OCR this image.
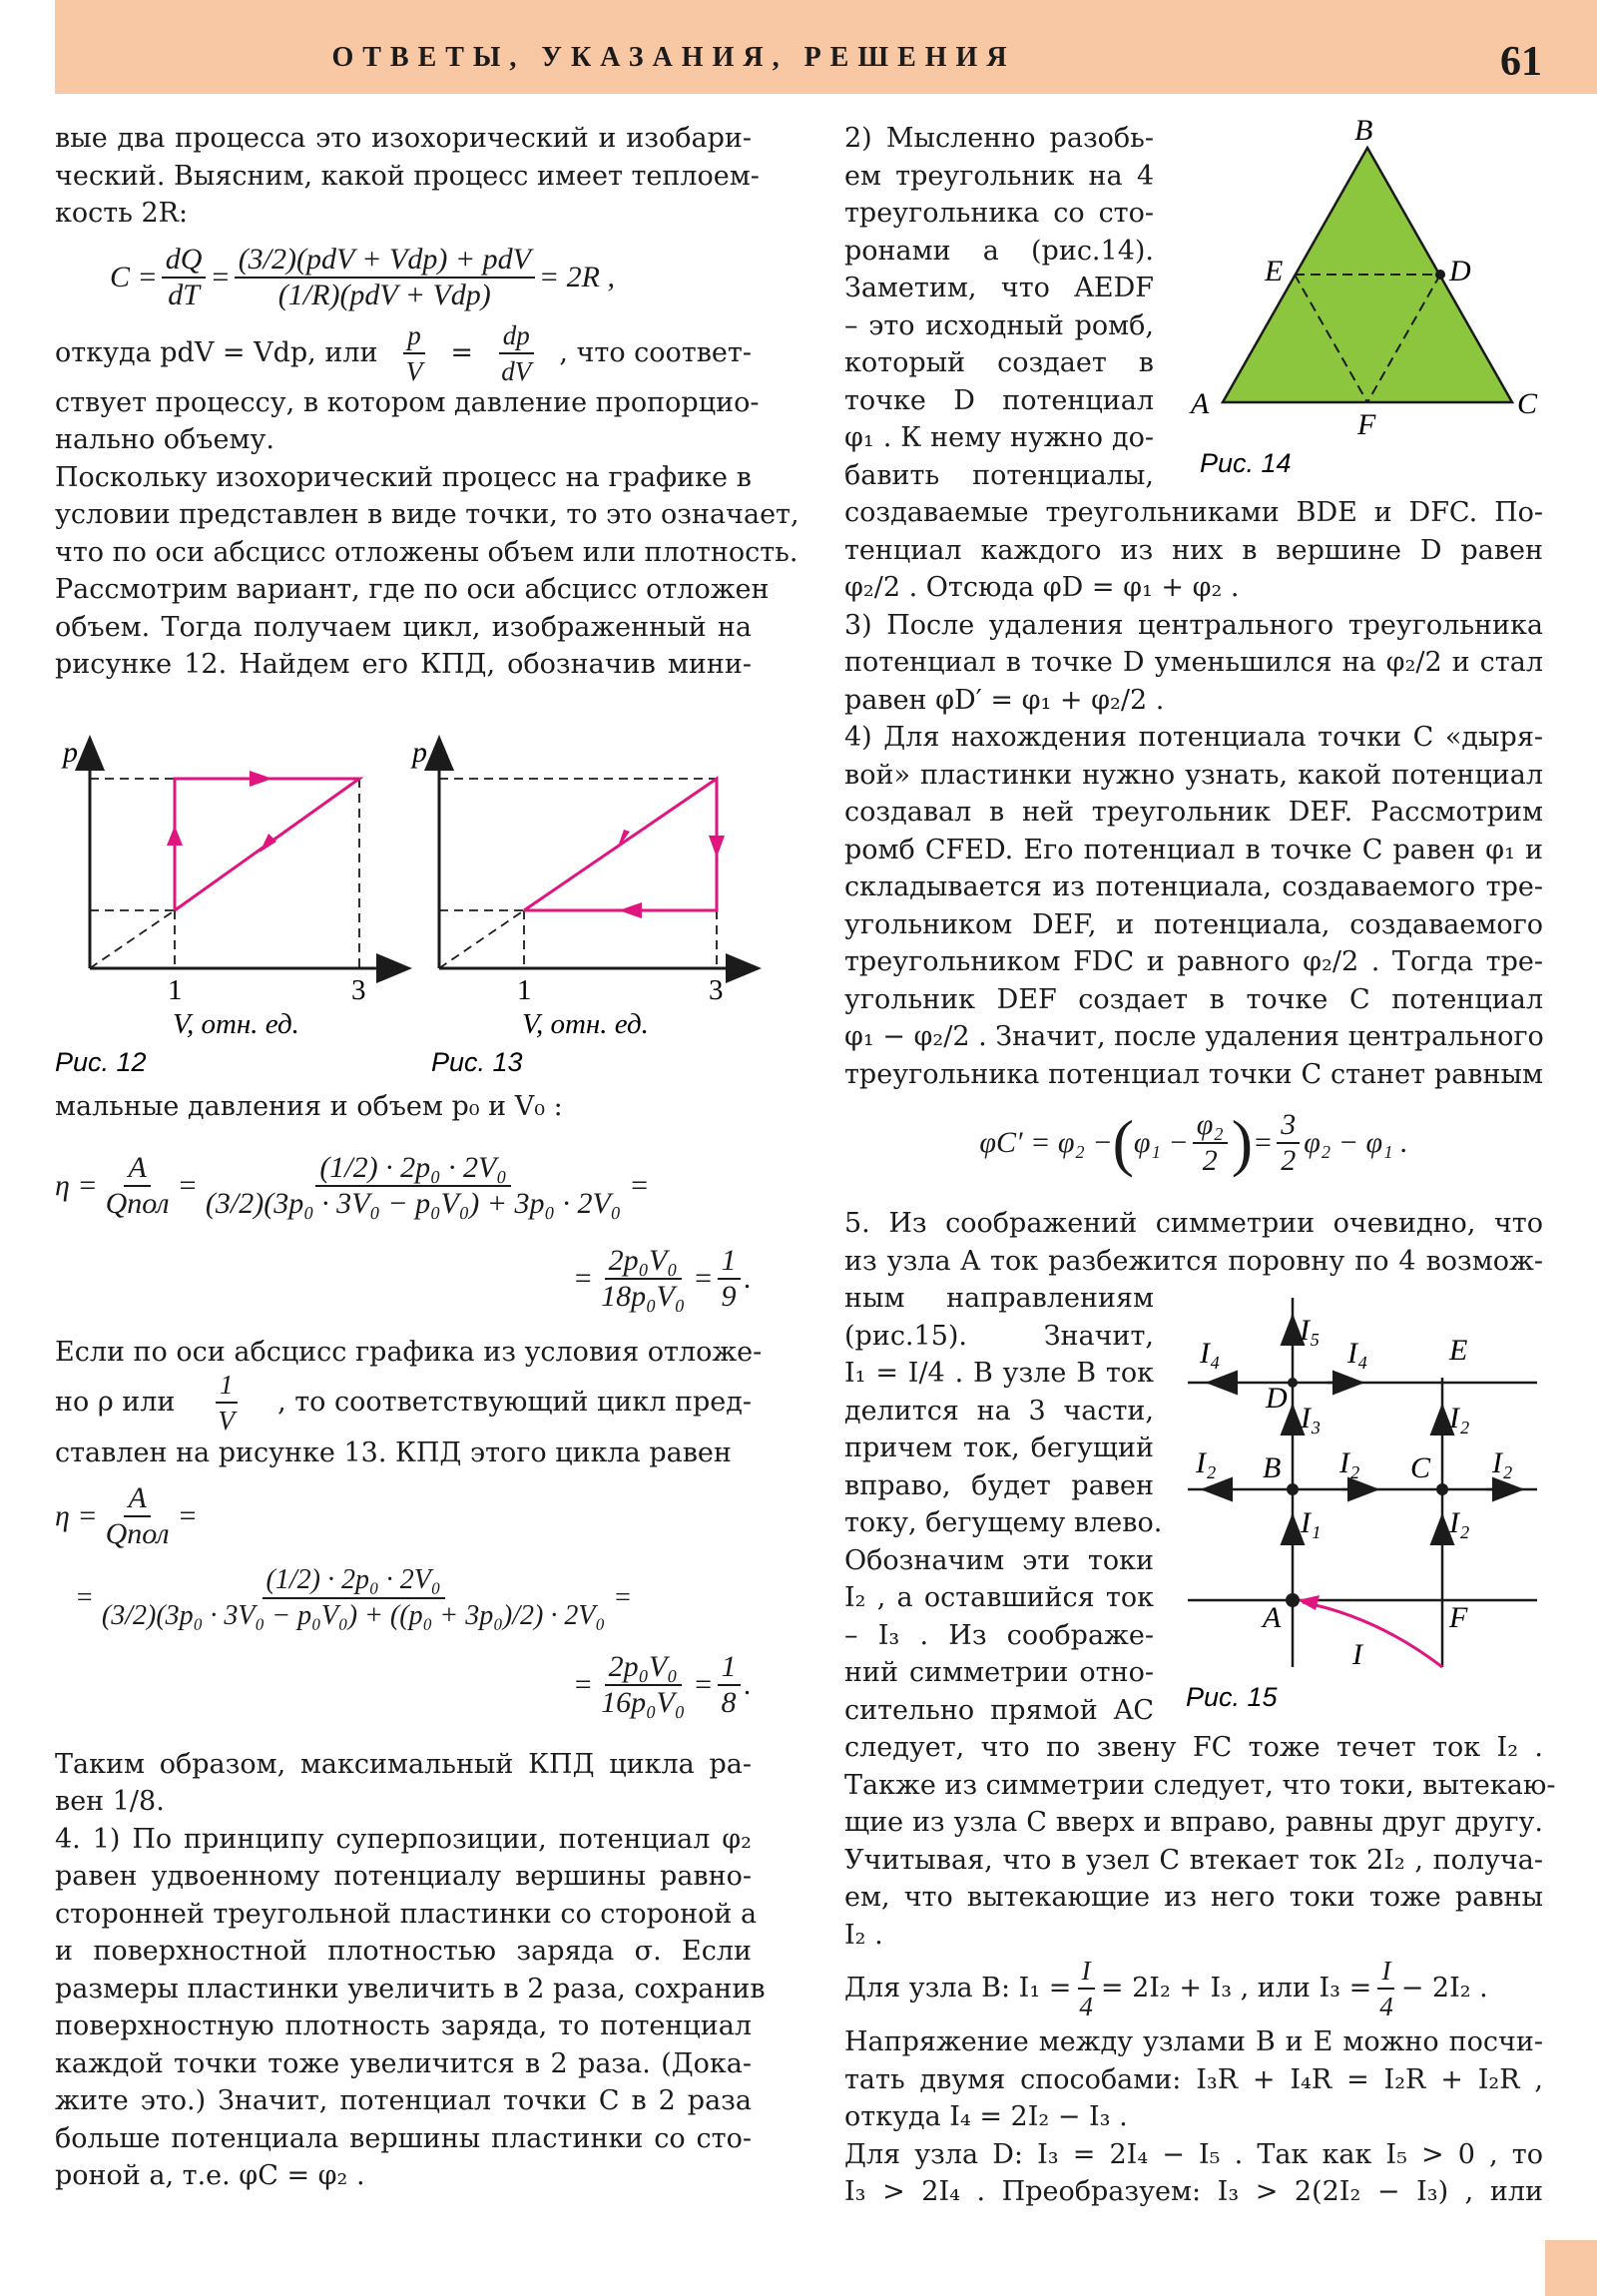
ОТВЕТЫ, УКАЗАНИЯ, РЕШЕНИЯ	61
вые два процесса это изохорический и изобари-
ческий. Выясним, какой процесс имеет теплоем-
кость 2R:
$C = \frac{dQ}{dT} = \frac{\text{(3/2)(pdV + Vdp) + pdV}}{\text{(1/R)(pdV + Vdp)}} = 2R$ ,
откуда pdV = Vdp, или $\frac{p}{V} = \frac{dp}{dV}$ , что соответ-
ствует процессу, в котором давление пропорцио-
нально объему.
Поскольку изохорический процесс на графике в
условии представлен в виде точки, то это означает,
что по оси абсцисс отложены объем или плотность.
Рассмотрим вариант, где по оси абсцисс отложен
объем. Тогда получаем цикл, изображенный на
рисунке 12. Найдем его КПД, обозначив мини-
p
1	3
V, отн. ед.
Рис. 12
p
1	3
V, отн. ед.
Рис. 13
мальные давления и объем p₀ и V₀ :
$\eta = \frac{A}{\text{Qпол}} = \frac{\text{(1/2) · 2p₀ · 2V₀}}{\text{(3/2)(3p₀ · 3V₀ − p₀V₀) + 3p₀ · 2V₀}}$ =
= $\frac{\text{2p₀V₀}}{\text{18p₀V₀}} = \frac{1}{9}$ .
Если по оси абсцисс графика из условия отложе-
но ρ или $\frac{1}{V}$ , то соответствующий цикл пред-
ставлен на рисунке 13. КПД этого цикла равен
$\eta = \frac{A}{\text{Qпол}}$ =
= $\frac{\text{(1/2) · 2p₀ · 2V₀}}{\text{(3/2)(3p₀ · 3V₀ − p₀V₀) + ((p₀ + 3p₀)/2) · 2V₀}}$ =
= $\frac{\text{2p₀V₀}}{\text{16p₀V₀}} = \frac{1}{8}$ .
Таким образом, максимальный КПД цикла ра-
вен 1/8.
4. 1) По принципу суперпозиции, потенциал φ₂
равен удвоенному потенциалу вершины равно-
сторонней треугольной пластинки со стороной a
и поверхностной плотностью заряда σ. Если
размеры пластинки увеличить в 2 раза, сохранив
поверхностную плотность заряда, то потенциал
каждой точки тоже увеличится в 2 раза. (Дока-
жите это.) Значит, потенциал точки C в 2 раза
больше потенциала вершины пластинки со сто-
роной a, т.е. φC = φ₂ .
2) Мысленно разобь-
ем треугольник на 4
треугольника со сто-
ронами a (рис.14).
Заметим, что AEDF
– это исходный ромб,
который создает в
точке D потенциал
φ₁ . К нему нужно до-
бавить потенциалы,
создаваемые треугольниками BDE и DFC. По-
тенциал каждого из них в вершине D равен
φ₂/2 . Отсюда φD = φ₁ + φ₂ .
3) После удаления центрального треугольника
потенциал в точке D уменьшился на φ₂/2 и стал
равен φD′ = φ₁ + φ₂/2 .
4) Для нахождения потенциала точки C «дыря-
вой» пластинки нужно узнать, какой потенциал
создавал в ней треугольник DEF. Рассмотрим
ромб CFED. Его потенциал в точке C равен φ₁ и
складывается из потенциала, создаваемого тре-
угольником DEF, и потенциала, создаваемого
треугольником FDC и равного φ₂/2 . Тогда тре-
угольник DEF создает в точке C потенциал
φ₁ − φ₂/2 . Значит, после удаления центрального
треугольника потенциал точки C станет равным
φC′ = φ₂ − ( $\varphi_1 - \frac{\text{φ₂}}{2}$ ) = $\frac{3}{2} \varphi_2 - \varphi_1$ .
5. Из соображений симметрии очевидно, что
из узла A ток разбежится поровну по 4 возмож-
ным направлениям
(рис.15). Значит,
I₁ = I/4 . В узле B ток
делится на 3 части,
причем ток, бегущий
вправо, будет равен
току, бегущему влево.
Обозначим эти токи
I₂ , а оставшийся ток
– I₃ . Из соображе-
ний симметрии отно-
сительно прямой AC
следует, что по звену FC тоже течет ток I₂ .
Также из симметрии следует, что токи, вытекаю-
щие из узла C вверх и вправо, равны друг другу.
Учитывая, что в узел C втекает ток 2I₂ , получа-
ем, что вытекающие из него токи тоже равны
I₂ .
Для узла B: $I_1 = \frac{I}{4} = 2I_2 + I_3$ , или $I_3 = \frac{I}{4} - 2I_2$ .
Напряжение между узлами B и E можно посчи-
тать двумя способами: I₃R + I₄R = I₂R + I₂R ,
откуда I₄ = 2I₂ − I₃ .
Для узла D: I₃ = 2I₄ − I₅ . Так как I₅ > 0 , то
I₃ > 2I₄ . Преобразуем: I₃ > 2(2I₂ − I₃) , или
B
E	D
A	C
F
Рис. 14
I₄
I₅
I₄	E
D
I₃	I₂
I₂ B I₂ C I₂
I₁	I₂
A	F
I
Рис. 15
